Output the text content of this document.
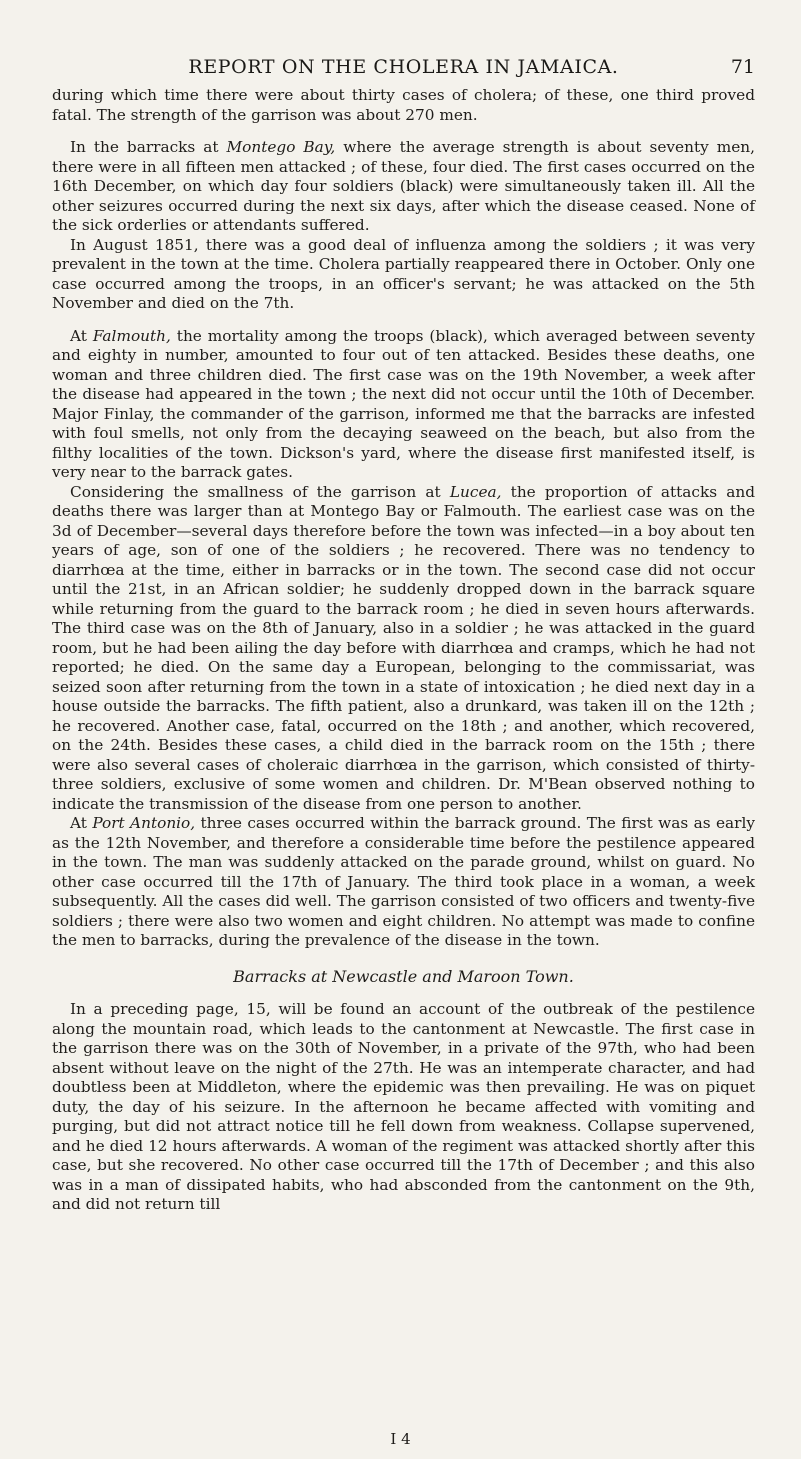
REPORT ON THE CHOLERA IN JAMAICA.	71

during which time there were about thirty cases of cholera; of these, one third proved fatal. The strength of the garrison was about 270 men.

In the barracks at Montego Bay, where the average strength is about seventy men, there were in all fifteen men attacked ; of these, four died. The first cases occurred on the 16th December, on which day four soldiers (black) were simultaneously taken ill. All the other seizures occurred during the next six days, after which the disease ceased. None of the sick orderlies or attendants suffered.

In August 1851, there was a good deal of influenza among the soldiers ; it was very prevalent in the town at the time. Cholera partially reappeared there in October. Only one case occurred among the troops, in an officer's servant; he was attacked on the 5th November and died on the 7th.

At Falmouth, the mortality among the troops (black), which averaged between seventy and eighty in number, amounted to four out of ten attacked. Besides these deaths, one woman and three children died. The first case was on the 19th November, a week after the disease had appeared in the town ; the next did not occur until the 10th of December. Major Finlay, the commander of the garrison, informed me that the barracks are infested with foul smells, not only from the decaying seaweed on the beach, but also from the filthy localities of the town. Dickson's yard, where the disease first manifested itself, is very near to the barrack gates.

Considering the smallness of the garrison at Lucea, the proportion of attacks and deaths there was larger than at Montego Bay or Falmouth. The earliest case was on the 3d of December—several days therefore before the town was infected—in a boy about ten years of age, son of one of the soldiers ; he recovered. There was no tendency to diarrhœa at the time, either in barracks or in the town. The second case did not occur until the 21st, in an African soldier; he suddenly dropped down in the barrack square while returning from the guard to the barrack room ; he died in seven hours afterwards. The third case was on the 8th of January, also in a soldier ; he was attacked in the guard room, but he had been ailing the day before with diarrhœa and cramps, which he had not reported; he died. On the same day a European, belonging to the commissariat, was seized soon after returning from the town in a state of intoxication ; he died next day in a house outside the barracks. The fifth patient, also a drunkard, was taken ill on the 12th ; he recovered. Another case, fatal, occurred on the 18th ; and another, which recovered, on the 24th. Besides these cases, a child died in the barrack room on the 15th ; there were also several cases of choleraic diarrhœa in the garrison, which consisted of thirty-three soldiers, exclusive of some women and children. Dr. M'Bean observed nothing to indicate the transmission of the disease from one person to another.

At Port Antonio, three cases occurred within the barrack ground. The first was as early as the 12th November, and therefore a considerable time before the pestilence appeared in the town. The man was suddenly attacked on the parade ground, whilst on guard. No other case occurred till the 17th of January. The third took place in a woman, a week subsequently. All the cases did well. The garrison consisted of two officers and twenty-five soldiers ; there were also two women and eight children. No attempt was made to confine the men to barracks, during the prevalence of the disease in the town.

Barracks at Newcastle and Maroon Town.

In a preceding page, 15, will be found an account of the outbreak of the pestilence along the mountain road, which leads to the cantonment at Newcastle. The first case in the garrison there was on the 30th of November, in a private of the 97th, who had been absent without leave on the night of the 27th. He was an intemperate character, and had doubtless been at Middleton, where the epidemic was then prevailing. He was on piquet duty, the day of his seizure. In the afternoon he became affected with vomiting and purging, but did not attract notice till he fell down from weakness. Collapse supervened, and he died 12 hours afterwards. A woman of the regiment was attacked shortly after this case, but she recovered. No other case occurred till the 17th of December ; and this also was in a man of dissipated habits, who had absconded from the cantonment on the 9th, and did not return till

I 4
